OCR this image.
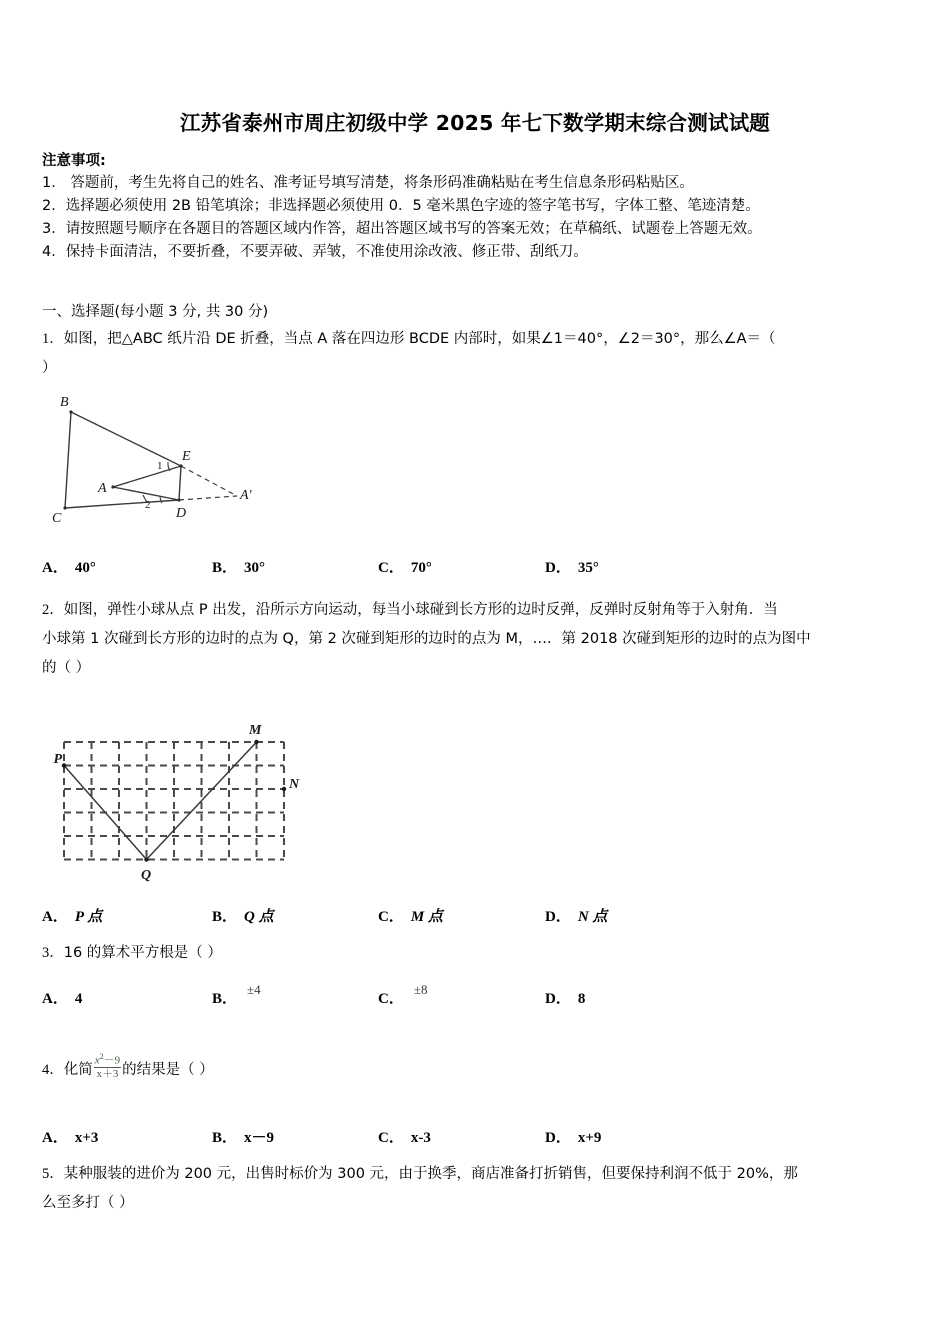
江苏省泰州市周庄初级中学 2025 年七下数学期末综合测试试题
注意事项:
1． 答题前，考生先将自己的姓名、准考证号填写清楚，将条形码准确粘贴在考生信息条形码粘贴区。
2．选择题必须使用 2B 铅笔填涂；非选择题必须使用 0．5 毫米黑色字迹的签字笔书写，字体工整、笔迹清楚。
3．请按照题号顺序在各题目的答题区域内作答，超出答题区域书写的答案无效；在草稿纸、试题卷上答题无效。
4．保持卡面清洁，不要折叠，不要弄破、弄皱，不准使用涂改液、修正带、刮纸刀。
一、选择题(每小题 3 分, 共 30 分)
1．如图，把△ABC 纸片沿 DE 折叠，当点 A 落在四边形 BCDE 内部时，如果∠1＝40°，∠2＝30°，那么∠A＝（
）
B
C
A
E
D
A′
1
2
A． 40°	B． 30°	C． 70°	D． 35°
2．如图，弹性小球从点 P 出发，沿所示方向运动，每当小球碰到长方形的边时反弹，反弹时反射角等于入射角．当
小球第 1 次碰到长方形的边时的点为 Q，第 2 次碰到矩形的边时的点为 M，…．第 2018 次碰到矩形的边时的点为图中
的（ ）
P
Q
M
N
A． P 点	B． Q 点	C． M 点	D． N 点
3．16 的算术平方根是（ ）
A． 4	B．±4
C．±8
D． 8
4．化简 $\frac{x^2-9}{x+3}$ 的结果是（ ）
A． x+3	B． x－9	C． x-3	D． x+9
5．某种服装的进价为 200 元，出售时标价为 300 元，由于换季，商店准备打折销售，但要保持利润不低于 20%，那
么至多打（ ）
